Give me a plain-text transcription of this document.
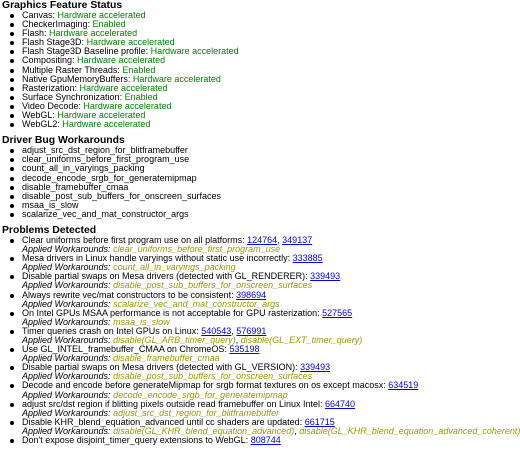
Graphics Feature Status
Canvas: Hardware accelerated
CheckerImaging: Enabled
Flash: Hardware accelerated
Flash Stage3D: Hardware accelerated
Flash Stage3D Baseline profile: Hardware accelerated
Compositing: Hardware accelerated
Multiple Raster Threads: Enabled
Native GpuMemoryBuffers: Hardware accelerated
Rasterization: Hardware accelerated
Surface Synchronization: Enabled
Video Decode: Hardware accelerated
WebGL: Hardware accelerated
WebGL2: Hardware accelerated
Driver Bug Workarounds
adjust_src_dst_region_for_blitframebuffer
clear_uniforms_before_first_program_use
count_all_in_varyings_packing
decode_encode_srgb_for_generatemipmap
disable_framebuffer_cmaa
disable_post_sub_buffers_for_onscreen_surfaces
msaa_is_slow
scalarize_vec_and_mat_constructor_args
Problems Detected
Clear uniforms before first program use on all platforms: 124764, 349137
Applied Workarounds: clear_uniforms_before_first_program_use
Mesa drivers in Linux handle varyings without static use incorrectly: 333885
Applied Workarounds: count_all_in_varyings_packing
Disable partial swaps on Mesa drivers (detected with GL_RENDERER): 339493
Applied Workarounds: disable_post_sub_buffers_for_onscreen_surfaces
Always rewrite vec/mat constructors to be consistent: 398694
Applied Workarounds: scalarize_vec_and_mat_constructor_args
On Intel GPUs MSAA performance is not acceptable for GPU rasterization: 527565
Applied Workarounds: msaa_is_slow
Timer queries crash on Intel GPUs on Linux: 540543, 576991
Applied Workarounds: disable(GL_ARB_timer_query), disable(GL_EXT_timer_query)
Use GL_INTEL_framebuffer_CMAA on ChromeOS: 535198
Applied Workarounds: disable_framebuffer_cmaa
Disable partial swaps on Mesa drivers (detected with GL_VERSION): 339493
Applied Workarounds: disable_post_sub_buffers_for_onscreen_surfaces
Decode and encode before generateMipmap for srgb format textures on os except macosx: 634519
Applied Workarounds: decode_encode_srgb_for_generatemipmap
adjust src/dst region if blitting pixels outside read framebuffer on Linux Intel: 664740
Applied Workarounds: adjust_src_dst_region_for_blitframebuffer
Disable KHR_blend_equation_advanced until cc shaders are updated: 661715
Applied Workarounds: disable(GL_KHR_blend_equation_advanced), disable(GL_KHR_blend_equation_advanced_coherent)
Don't expose disjoint_timer_query extensions to WebGL: 808744
